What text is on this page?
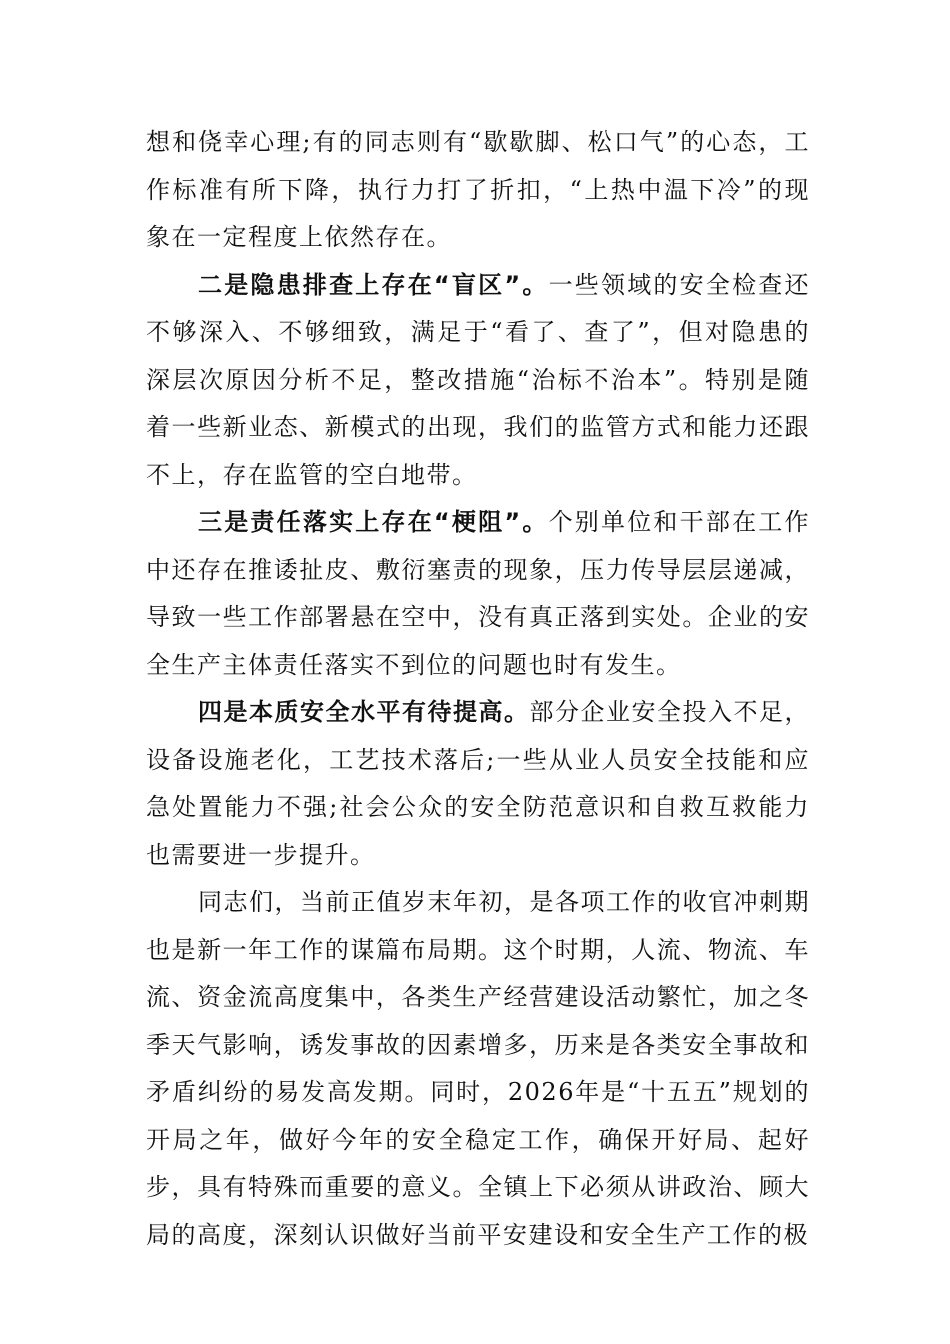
想和侥幸心理;有的同志则有“歇歇脚、松口气”的心态，工作标准有所下降，执行力打了折扣，“上热中温下冷”的现象在一定程度上依然存在。

二是隐患排查上存在“盲区”。一些领域的安全检查还不够深入、不够细致，满足于“看了、查了”，但对隐患的深层次原因分析不足，整改措施“治标不治本”。特别是随着一些新业态、新模式的出现，我们的监管方式和能力还跟不上，存在监管的空白地带。

三是责任落实上存在“梗阻”。个别单位和干部在工作中还存在推诿扯皮、敷衍塞责的现象，压力传导层层递减，导致一些工作部署悬在空中，没有真正落到实处。企业的安全生产主体责任落实不到位的问题也时有发生。

四是本质安全水平有待提高。部分企业安全投入不足，设备设施老化，工艺技术落后;一些从业人员安全技能和应急处置能力不强;社会公众的安全防范意识和自救互救能力也需要进一步提升。

同志们，当前正值岁末年初，是各项工作的收官冲刺期也是新一年工作的谋篇布局期。这个时期，人流、物流、车流、资金流高度集中，各类生产经营建设活动繁忙，加之冬季天气影响，诱发事故的因素增多，历来是各类安全事故和矛盾纠纷的易发高发期。同时，2026年是“十五五”规划的开局之年，做好今年的安全稳定工作，确保开好局、起好步，具有特殊而重要的意义。全镇上下必须从讲政治、顾大局的高度，深刻认识做好当前平安建设和安全生产工作的极
